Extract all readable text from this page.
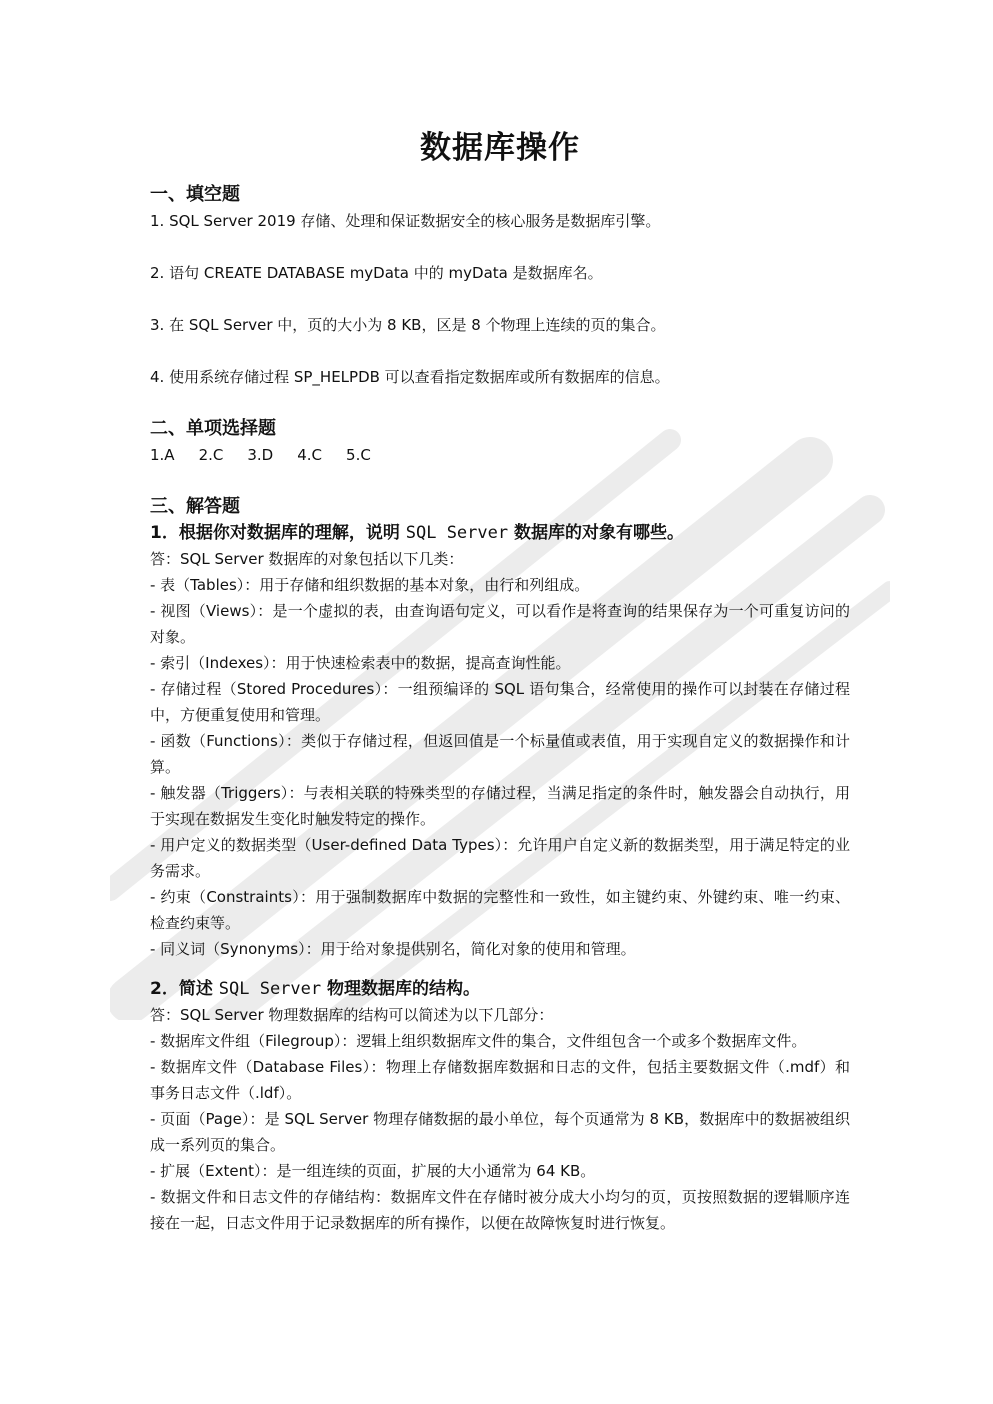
数据库操作

一、填空题

1. SQL Server 2019 存储、处理和保证数据安全的核心服务是数据库引擎。

2. 语句 CREATE DATABASE myData 中的 myData 是数据库名。

3. 在 SQL Server 中，页的大小为 8 KB，区是 8 个物理上连续的页的集合。

4. 使用系统存储过程 SP_HELPDB 可以查看指定数据库或所有数据库的信息。

二、单项选择题

1.A 2.C 3.D 4.C 5.C

三、解答题

1．根据你对数据库的理解，说明 SQL Server 数据库的对象有哪些。

答：SQL Server 数据库的对象包括以下几类：

- 表（Tables）：用于存储和组织数据的基本对象，由行和列组成。

- 视图（Views）：是一个虚拟的表，由查询语句定义，可以看作是将查询的结果保存为一个可重复访问的对象。

- 索引（Indexes）：用于快速检索表中的数据，提高查询性能。

- 存储过程（Stored Procedures）：一组预编译的 SQL 语句集合，经常使用的操作可以封装在存储过程中，方便重复使用和管理。

- 函数（Functions）：类似于存储过程，但返回值是一个标量值或表值，用于实现自定义的数据操作和计算。

- 触发器（Triggers）：与表相关联的特殊类型的存储过程，当满足指定的条件时，触发器会自动执行，用于实现在数据发生变化时触发特定的操作。

- 用户定义的数据类型（User-defined Data Types）：允许用户自定义新的数据类型，用于满足特定的业务需求。

- 约束（Constraints）：用于强制数据库中数据的完整性和一致性，如主键约束、外键约束、唯一约束、检查约束等。

- 同义词（Synonyms）：用于给对象提供别名，简化对象的使用和管理。

2．简述 SQL Server 物理数据库的结构。

答：SQL Server 物理数据库的结构可以简述为以下几部分：

- 数据库文件组（Filegroup）：逻辑上组织数据库文件的集合，文件组包含一个或多个数据库文件。

- 数据库文件（Database Files）：物理上存储数据库数据和日志的文件，包括主要数据文件（.mdf）和事务日志文件（.ldf）。

- 页面（Page）：是 SQL Server 物理存储数据的最小单位，每个页通常为 8 KB，数据库中的数据被组织成一系列页的集合。

- 扩展（Extent）：是一组连续的页面，扩展的大小通常为 64 KB。

- 数据文件和日志文件的存储结构：数据库文件在存储时被分成大小均匀的页，页按照数据的逻辑顺序连接在一起，日志文件用于记录数据库的所有操作，以便在故障恢复时进行恢复。
